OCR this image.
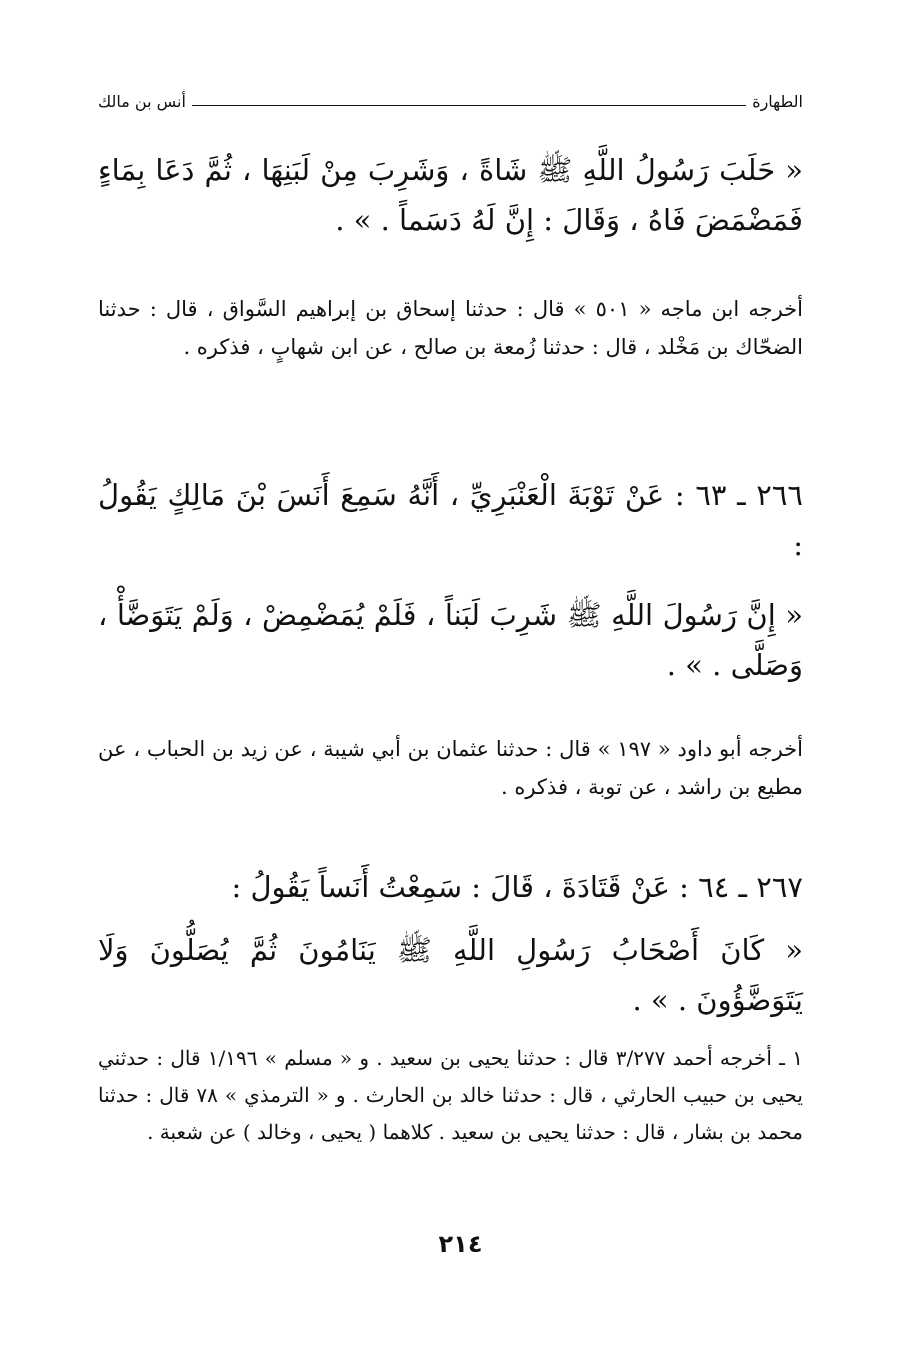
الطهارة
أنس بن مالك
« حَلَبَ رَسُولُ اللَّهِ ﷺ شَاةً ، وَشَرِبَ مِنْ لَبَنِهَا ، ثُمَّ دَعَا بِمَاءٍ فَمَضْمَضَ فَاهُ ، وَقَالَ : إِنَّ لَهُ دَسَماً . » .
أخرجه ابن ماجه « ٥٠١ » قال : حدثنا إسحاق بن إبراهيم السَّواق ، قال : حدثنا الضحّاك بن مَخْلد ، قال : حدثنا زُمعة بن صالح ، عن ابن شهابٍ ، فذكره .
٢٦٦ ـ ٦٣ : عَنْ تَوْبَةَ الْعَنْبَرِيِّ ، أَنَّهُ سَمِعَ أَنَسَ بْنَ مَالِكٍ يَقُولُ :
« إِنَّ رَسُولَ اللَّهِ ﷺ شَرِبَ لَبَناً ، فَلَمْ يُمَضْمِضْ ، وَلَمْ يَتَوَضَّأْ ، وَصَلَّى . » .
أخرجه أبو داود « ١٩٧ » قال : حدثنا عثمان بن أبي شيبة ، عن زيد بن الحباب ، عن مطيع بن راشد ، عن توبة ، فذكره .
٢٦٧ ـ ٦٤ : عَنْ قَتَادَةَ ، قَالَ : سَمِعْتُ أَنَساً يَقُولُ :
« كَانَ أَصْحَابُ رَسُولِ اللَّهِ ﷺ يَنَامُونَ ثُمَّ يُصَلُّونَ وَلَا يَتَوَضَّؤُونَ . » .
١ ـ أخرجه أحمد ٣/٢٧٧ قال : حدثنا يحيى بن سعيد . و « مسلم » ١/١٩٦ قال : حدثني يحيى بن حبيب الحارثي ، قال : حدثنا خالد بن الحارث . و « الترمذي » ٧٨ قال : حدثنا محمد بن بشار ، قال : حدثنا يحيى بن سعيد . كلاهما ( يحيى ، وخالد ) عن شعبة .
٢١٤
